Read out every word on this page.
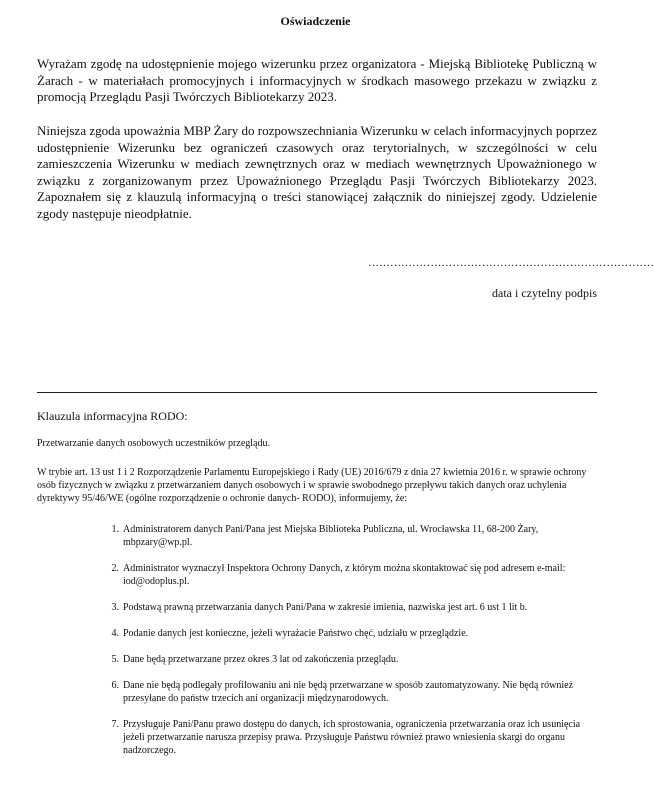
Oświadczenie

Wyrażam zgodę na udostępnienie mojego wizerunku przez organizatora - Miejską Bibliotekę Publiczną w Żarach - w materiałach promocyjnych i informacyjnych w środkach masowego przekazu w związku z promocją Przeglądu Pasji Twórczych Bibliotekarzy 2023.

Niniejsza zgoda upoważnia MBP Żary do rozpowszechniania Wizerunku w celach informacyjnych poprzez udostępnienie Wizerunku bez ograniczeń czasowych oraz terytorialnych, w szczególności w celu zamieszczenia Wizerunku w mediach zewnętrznych oraz w mediach wewnętrznych Upoważnionego w związku z zorganizowanym przez Upoważnionego Przeglądu Pasji Twórczych Bibliotekarzy 2023. Zapoznałem się z klauzulą informacyjną o treści stanowiącej załącznik do niniejszej zgody. Udzielenie zgody następuje nieodpłatnie.

……………………………………………………………………
data i czytelny podpis
Klauzula informacyjna RODO:
Przetwarzanie danych osobowych uczestników przeglądu.

W trybie art. 13 ust 1 i 2 Rozporządzenie Parlamentu Europejskiego i Rady (UE) 2016/679 z dnia 27 kwietnia 2016 r. w sprawie ochrony osób fizycznych w związku z przetwarzaniem danych osobowych i w sprawie swobodnego przepływu takich danych oraz uchylenia dyrektywy 95/46/WE (ogólne rozporządzenie o ochronie danych- RODO), informujemy, że:

1. Administratorem danych Pani/Pana jest Miejska Biblioteka Publiczna, ul. Wrocławska 11, 68-200 Żary, mbpzary@wp.pl.
2. Administrator wyznaczył Inspektora Ochrony Danych, z którym można skontaktować się pod adresem e-mail: iod@odoplus.pl.
3. Podstawą prawną przetwarzania danych Pani/Pana w zakresie imienia, nazwiska jest art. 6 ust 1 lit b.
4. Podanie danych jest konieczne, jeżeli wyrażacie Państwo chęć, udziału w przeglądzie.
5. Dane będą przetwarzane przez okres 3 lat od zakończenia przeglądu.
6. Dane nie będą podlegały profilowaniu ani nie będą przetwarzane w sposób zautomatyzowany. Nie będą również przesyłane do państw trzecich ani organizacji międzynarodowych.
7. Przysługuje Pani/Panu prawo dostępu do danych, ich sprostowania, ograniczenia przetwarzania oraz ich usunięcia jeżeli przetwarzanie narusza przepisy prawa. Przysługuje Państwu również prawo wniesienia skargi do organu nadzorczego.
